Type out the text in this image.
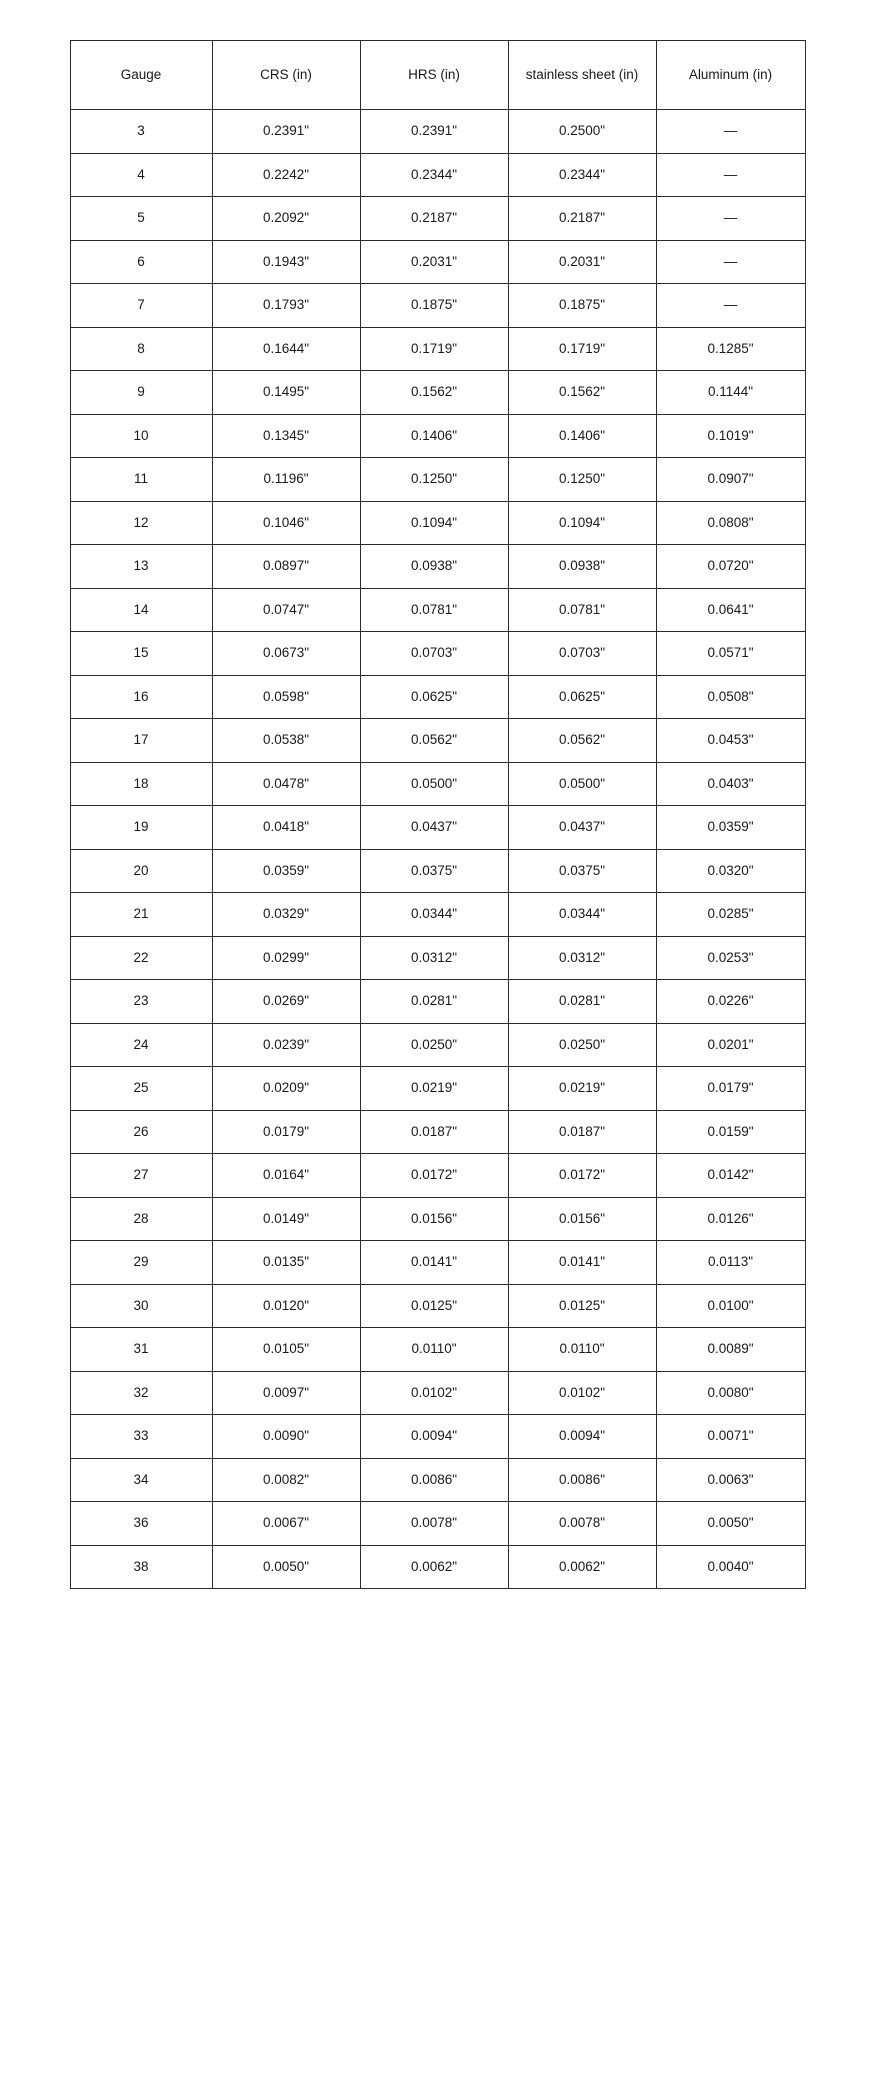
Gauge	CRS (in)	HRS (in)	stainless sheet (in)	Aluminum (in)

3	0.2391"	0.2391"	0.2500"	—
4	0.2242"	0.2344"	0.2344"	—
5	0.2092"	0.2187"	0.2187"	—
6	0.1943"	0.2031"	0.2031"	—
7	0.1793"	0.1875"	0.1875"	—
8	0.1644"	0.1719"	0.1719"	0.1285"
9	0.1495"	0.1562"	0.1562"	0.1144"
10	0.1345"	0.1406"	0.1406"	0.1019"
11	0.1196"	0.1250"	0.1250"	0.0907"
12	0.1046"	0.1094"	0.1094"	0.0808"
13	0.0897"	0.0938"	0.0938"	0.0720"
14	0.0747"	0.0781"	0.0781"	0.0641"
15	0.0673"	0.0703"	0.0703"	0.0571"
16	0.0598"	0.0625"	0.0625"	0.0508"
17	0.0538"	0.0562"	0.0562"	0.0453"
18	0.0478"	0.0500"	0.0500"	0.0403"
19	0.0418"	0.0437"	0.0437"	0.0359"
20	0.0359"	0.0375"	0.0375"	0.0320"
21	0.0329"	0.0344"	0.0344"	0.0285"
22	0.0299"	0.0312"	0.0312"	0.0253"
23	0.0269"	0.0281"	0.0281"	0.0226"
24	0.0239"	0.0250"	0.0250"	0.0201"
25	0.0209"	0.0219"	0.0219"	0.0179"
26	0.0179"	0.0187"	0.0187"	0.0159"
27	0.0164"	0.0172"	0.0172"	0.0142"
28	0.0149"	0.0156"	0.0156"	0.0126"
29	0.0135"	0.0141"	0.0141"	0.0113"
30	0.0120"	0.0125"	0.0125"	0.0100"
31	0.0105"	0.0110"	0.0110"	0.0089"
32	0.0097"	0.0102"	0.0102"	0.0080"
33	0.0090"	0.0094"	0.0094"	0.0071"
34	0.0082"	0.0086"	0.0086"	0.0063"
36	0.0067"	0.0078"	0.0078"	0.0050"
38	0.0050"	0.0062"	0.0062"	0.0040"
